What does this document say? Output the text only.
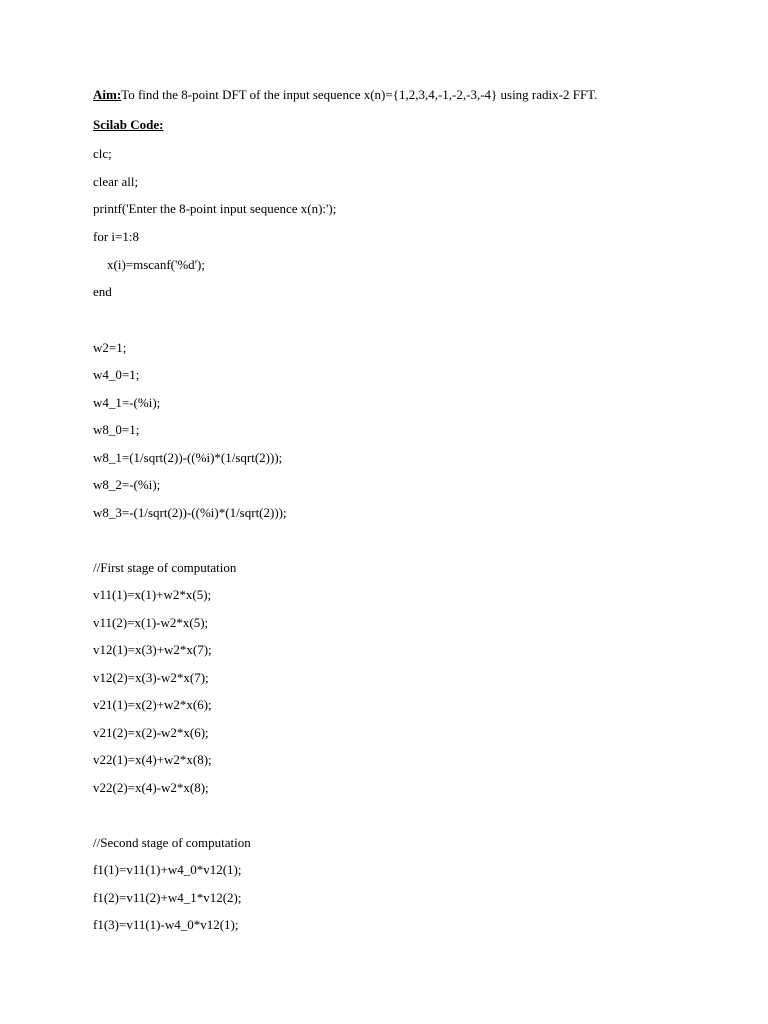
Aim:To find the 8-point DFT of the input sequence x(n)={1,2,3,4,-1,-2,-3,-4} using radix-2 FFT.
Scilab Code:
clc;
clear all;
printf('Enter the 8-point input sequence x(n):');
for i=1:8
x(i)=mscanf('%d');
end
w2=1;
w4_0=1;
w4_1=-(%i);
w8_0=1;
w8_1=(1/sqrt(2))-((%i)*(1/sqrt(2)));
w8_2=-(%i);
w8_3=-(1/sqrt(2))-((%i)*(1/sqrt(2)));
//First stage of computation
v11(1)=x(1)+w2*x(5);
v11(2)=x(1)-w2*x(5);
v12(1)=x(3)+w2*x(7);
v12(2)=x(3)-w2*x(7);
v21(1)=x(2)+w2*x(6);
v21(2)=x(2)-w2*x(6);
v22(1)=x(4)+w2*x(8);
v22(2)=x(4)-w2*x(8);
//Second stage of computation
f1(1)=v11(1)+w4_0*v12(1);
f1(2)=v11(2)+w4_1*v12(2);
f1(3)=v11(1)-w4_0*v12(1);
